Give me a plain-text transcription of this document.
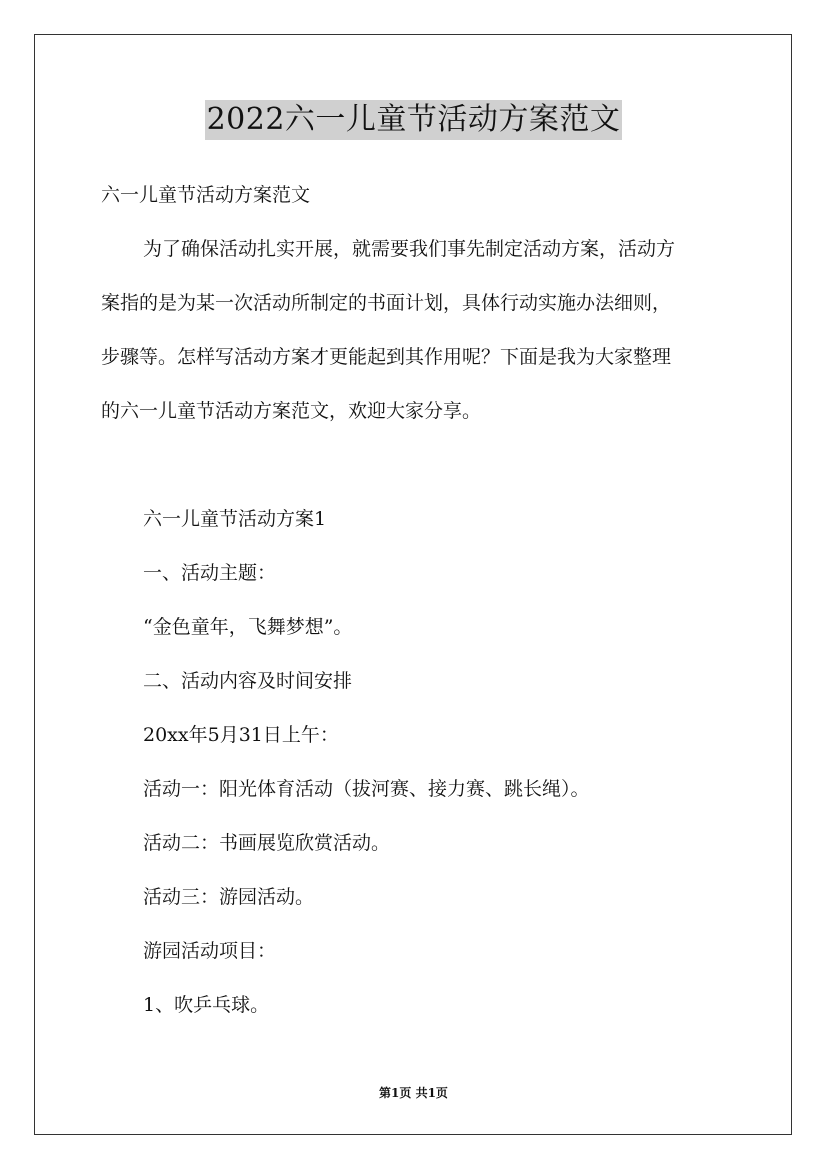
2022六一儿童节活动方案范文
六一儿童节活动方案范文
为了确保活动扎实开展，就需要我们事先制定活动方案，活动方
案指的是为某一次活动所制定的书面计划，具体行动实施办法细则，
步骤等。怎样写活动方案才更能起到其作用呢？下面是我为大家整理
的六一儿童节活动方案范文，欢迎大家分享。
六一儿童节活动方案1
一、活动主题：
“金色童年，飞舞梦想”。
二、活动内容及时间安排
20xx年5月31日上午：
活动一：阳光体育活动（拔河赛、接力赛、跳长绳）。
活动二：书画展览欣赏活动。
活动三：游园活动。
游园活动项目：
1、吹乒乓球。
第1页 共1页
